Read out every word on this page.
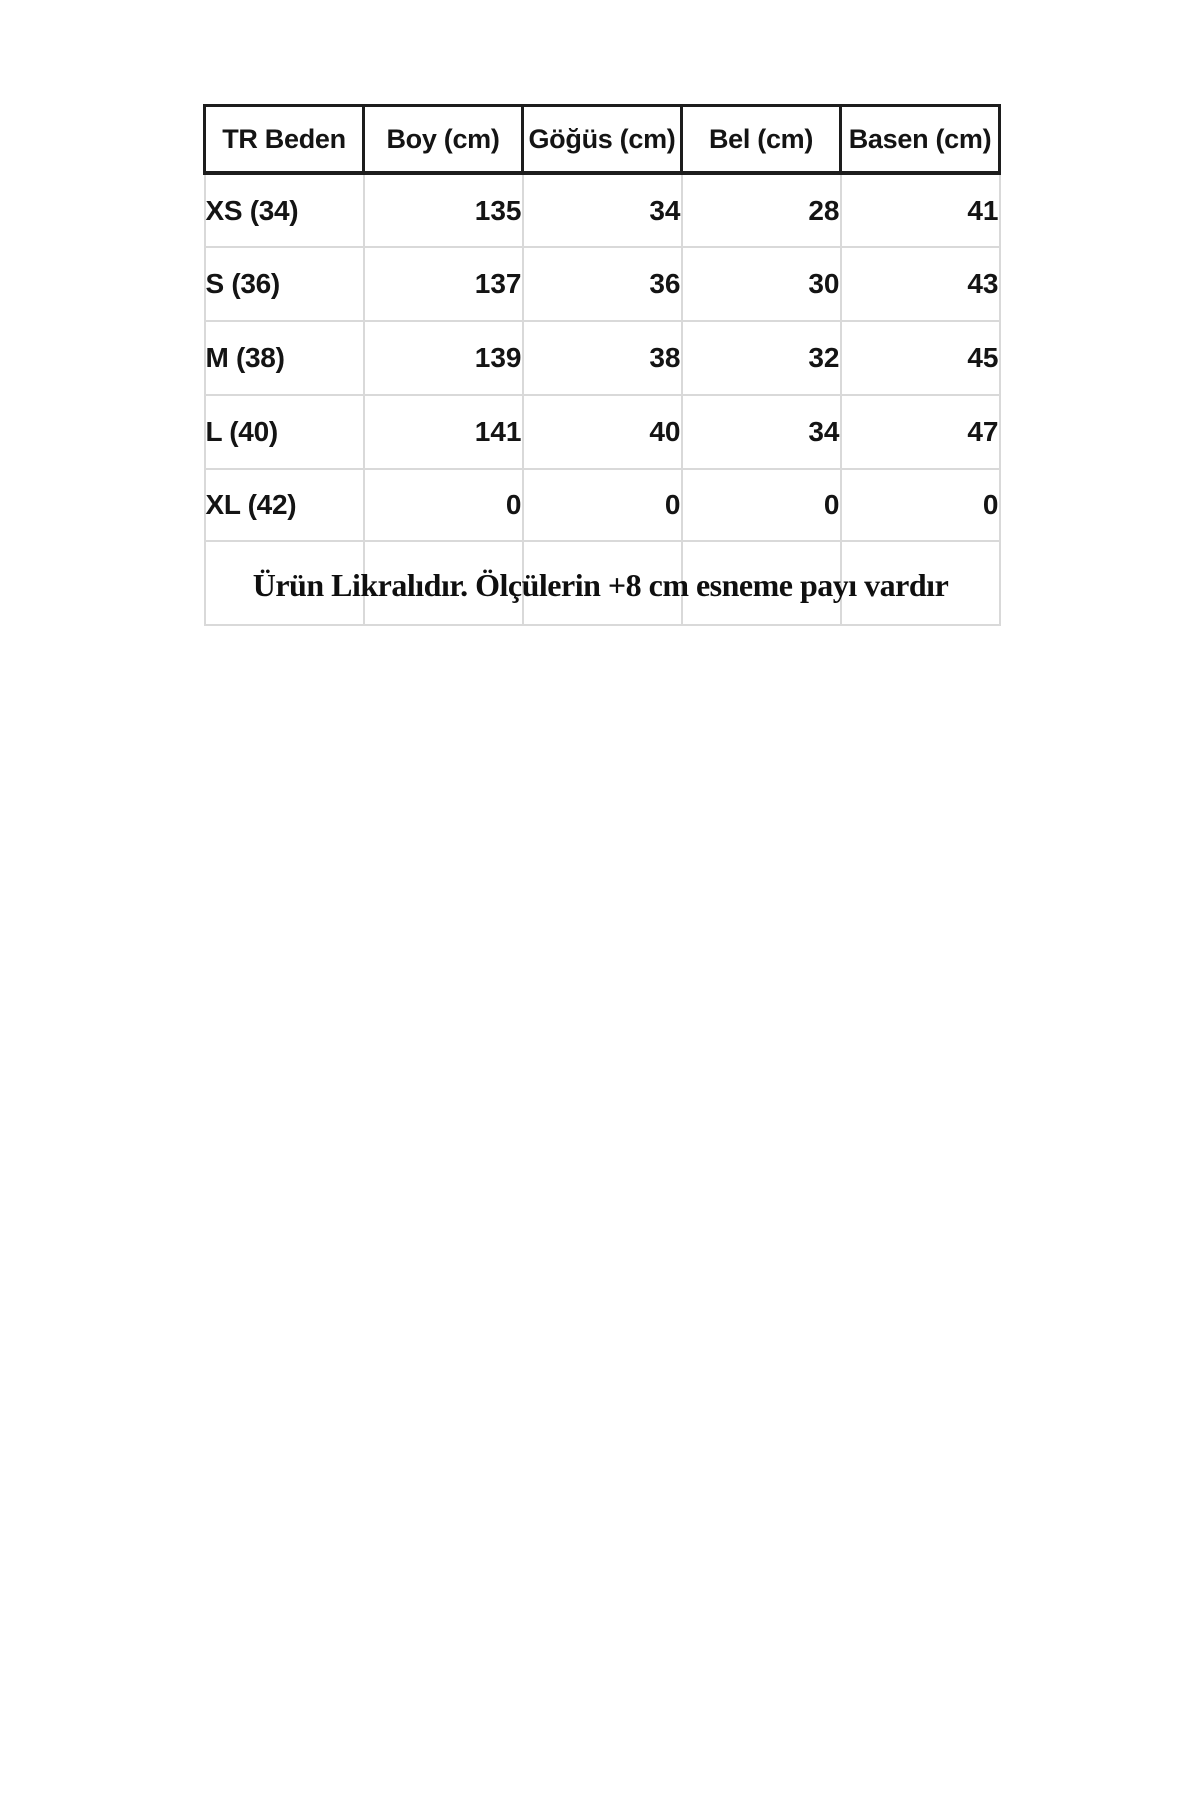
TR Beden	Boy (cm)	Göğüs (cm)	Bel (cm)	Basen (cm)
XS (34)	135	34	28	41
S (36)	137	36	30	43
M (38)	139	38	32	45
L (40)	141	40	34	47
XL (42)	0	0	0	0

Ürün Likralıdır. Ölçülerin +8 cm esneme payı vardır
